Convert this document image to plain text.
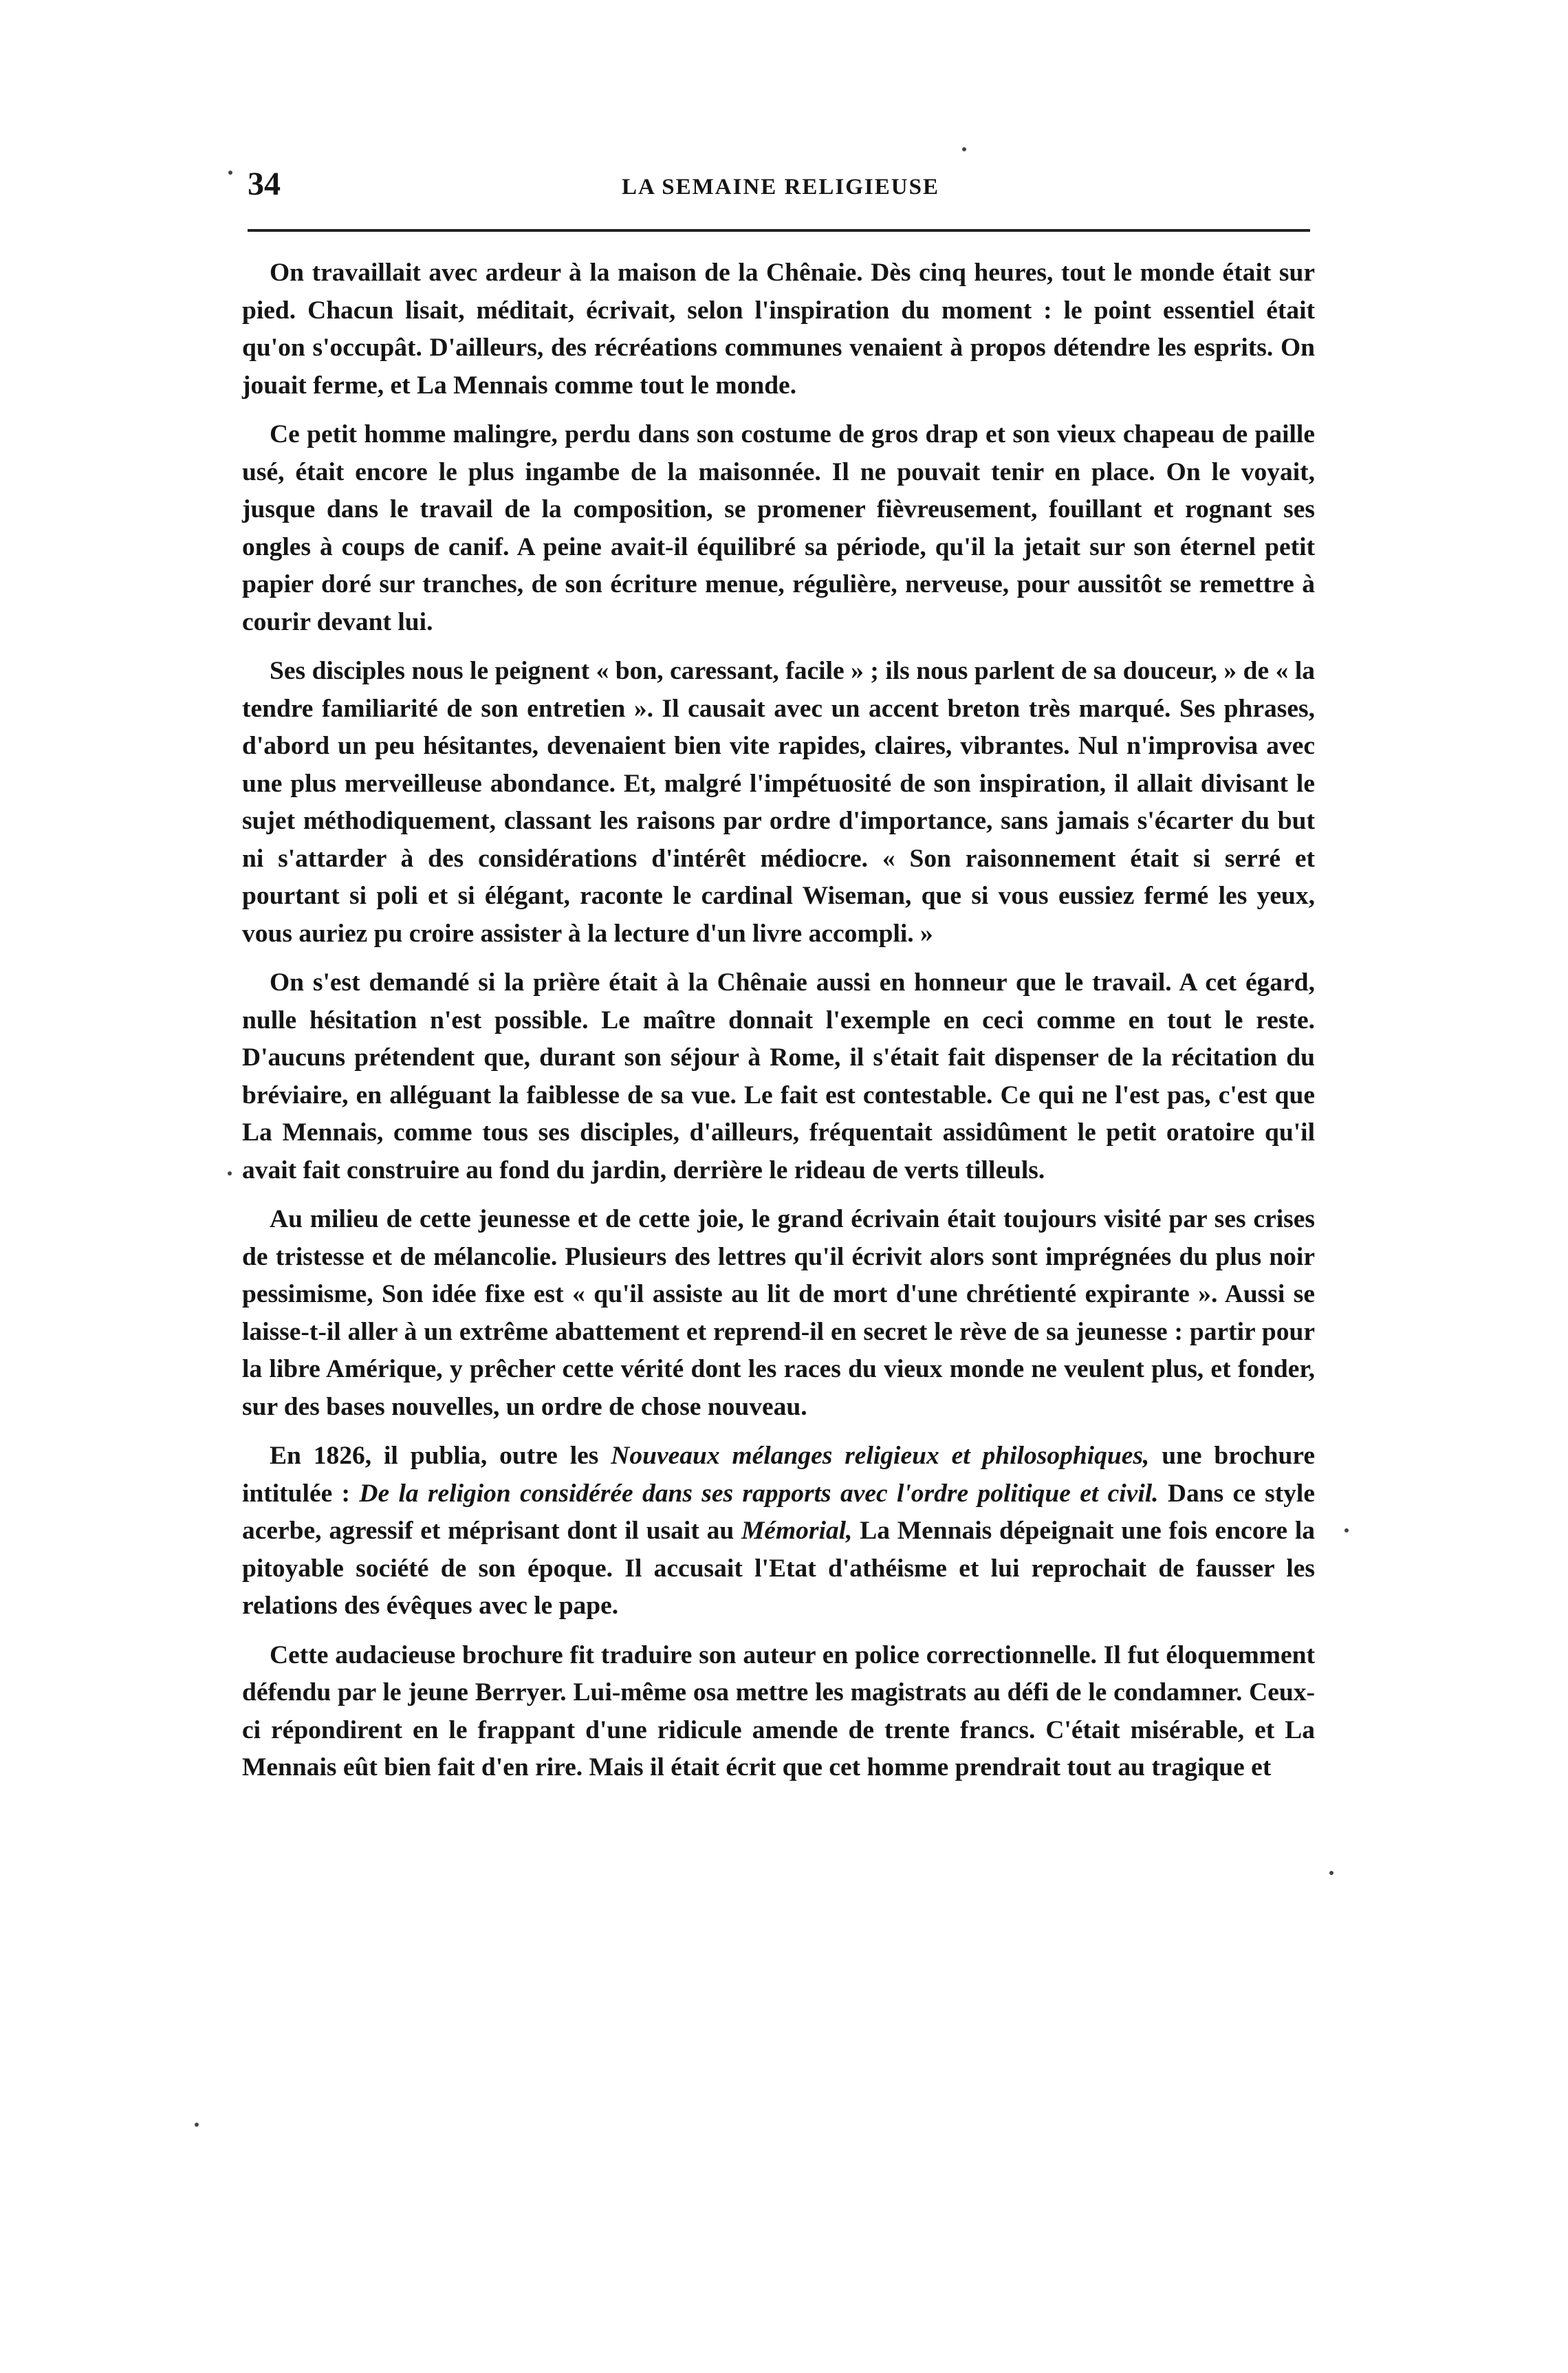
34	LA SEMAINE RELIGIEUSE

On travaillait avec ardeur à la maison de la Chênaie. Dès cinq heures, tout le monde était sur pied. Chacun lisait, méditait, écrivait, selon l'inspiration du moment : le point essentiel était qu'on s'occupât. D'ailleurs, des récréations communes venaient à propos détendre les esprits. On jouait ferme, et La Mennais comme tout le monde.

Ce petit homme malingre, perdu dans son costume de gros drap et son vieux chapeau de paille usé, était encore le plus ingambe de la maisonnée. Il ne pouvait tenir en place. On le voyait, jusque dans le travail de la composition, se promener fièvreusement, fouillant et rognant ses ongles à coups de canif. A peine avait-il équilibré sa période, qu'il la jetait sur son éternel petit papier doré sur tranches, de son écriture menue, régulière, nerveuse, pour aussitôt se remettre à courir devant lui.

Ses disciples nous le peignent « bon, caressant, facile » ; ils nous parlent de sa douceur, » de « la tendre familiarité de son entretien ». Il causait avec un accent breton très marqué. Ses phrases, d'abord un peu hésitantes, devenaient bien vite rapides, claires, vibrantes. Nul n'improvisa avec une plus merveilleuse abondance. Et, malgré l'impétuosité de son inspiration, il allait divisant le sujet méthodiquement, classant les raisons par ordre d'importance, sans jamais s'écarter du but ni s'attarder à des considérations d'intérêt médiocre. « Son raisonnement était si serré et pourtant si poli et si élégant, raconte le cardinal Wiseman, que si vous eussiez fermé les yeux, vous auriez pu croire assister à la lecture d'un livre accompli. »

On s'est demandé si la prière était à la Chênaie aussi en honneur que le travail. A cet égard, nulle hésitation n'est possible. Le maître donnait l'exemple en ceci comme en tout le reste. D'aucuns prétendent que, durant son séjour à Rome, il s'était fait dispenser de la récitation du bréviaire, en alléguant la faiblesse de sa vue. Le fait est contestable. Ce qui ne l'est pas, c'est que La Mennais, comme tous ses disciples, d'ailleurs, fréquentait assidûment le petit oratoire qu'il avait fait construire au fond du jardin, derrière le rideau de verts tilleuls.

Au milieu de cette jeunesse et de cette joie, le grand écrivain était toujours visité par ses crises de tristesse et de mélancolie. Plusieurs des lettres qu'il écrivit alors sont imprégnées du plus noir pessimisme, Son idée fixe est « qu'il assiste au lit de mort d'une chrétienté expirante ». Aussi se laisse-t-il aller à un extrême abattement et reprend-il en secret le rève de sa jeunesse : partir pour la libre Amérique, y prêcher cette vérité dont les races du vieux monde ne veulent plus, et fonder, sur des bases nouvelles, un ordre de chose nouveau.

En 1826, il publia, outre les Nouveaux mélanges religieux et philosophiques, une brochure intitulée : De la religion considérée dans ses rapports avec l'ordre politique et civil. Dans ce style acerbe, agressif et méprisant dont il usait au Mémorial, La Mennais dépeignait une fois encore la pitoyable société de son époque. Il accusait l'Etat d'athéisme et lui reprochait de fausser les relations des évêques avec le pape.

Cette audacieuse brochure fit traduire son auteur en police correctionnelle. Il fut éloquemment défendu par le jeune Berryer. Lui-même osa mettre les magistrats au défi de le condamner. Ceux-ci répondirent en le frappant d'une ridicule amende de trente francs. C'était misérable, et La Mennais eût bien fait d'en rire. Mais il était écrit que cet homme prendrait tout au tragique et
